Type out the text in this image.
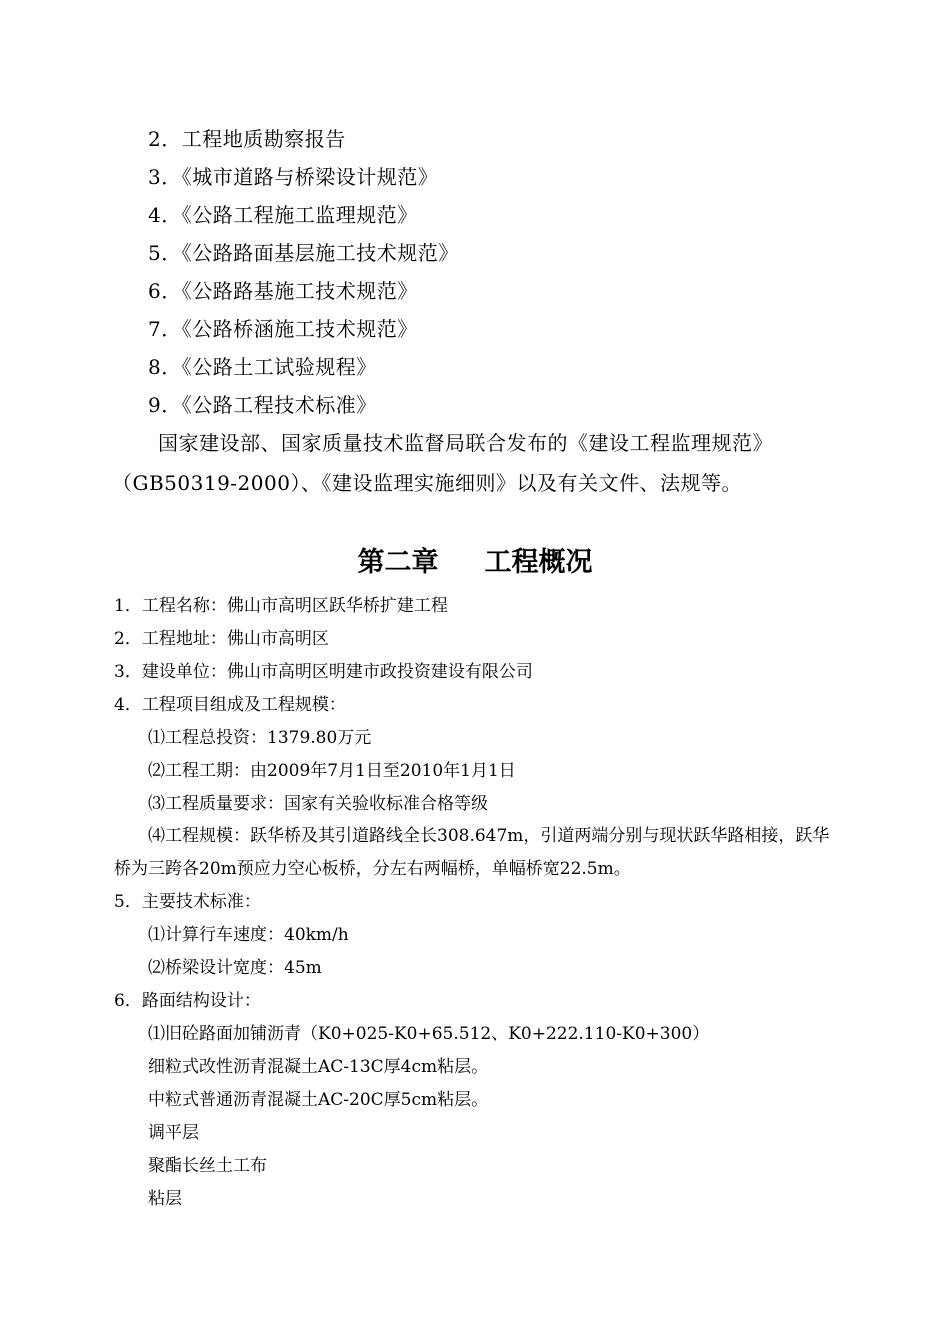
2．工程地质勘察报告
3．《城市道路与桥梁设计规范》
4．《公路工程施工监理规范》
5．《公路路面基层施工技术规范》
6．《公路路基施工技术规范》
7．《公路桥涵施工技术规范》
8．《公路土工试验规程》
9．《公路工程技术标准》
国家建设部、国家质量技术监督局联合发布的《建设工程监理规范》（GB50319-2000）、《建设监理实施细则》以及有关文件、法规等。
第二章 工程概况
1．工程名称：佛山市高明区跃华桥扩建工程
2．工程地址：佛山市高明区
3．建设单位：佛山市高明区明建市政投资建设有限公司
4．工程项目组成及工程规模：
⑴工程总投资：1379.80万元
⑵工程工期：由2009年7月1日至2010年1月1日
⑶工程质量要求：国家有关验收标准合格等级
⑷工程规模：跃华桥及其引道路线全长308.647m，引道两端分别与现状跃华路相接，跃华桥为三跨各20m预应力空心板桥，分左右两幅桥，单幅桥宽22.5m。
5．主要技术标准：
⑴计算行车速度：40km/h
⑵桥梁设计宽度：45m
6．路面结构设计：
⑴旧砼路面加铺沥青（K0+025-K0+65.512、K0+222.110-K0+300）
细粒式改性沥青混凝土AC-13C厚4cm粘层。
中粒式普通沥青混凝土AC-20C厚5cm粘层。
调平层
聚酯长丝土工布
粘层
